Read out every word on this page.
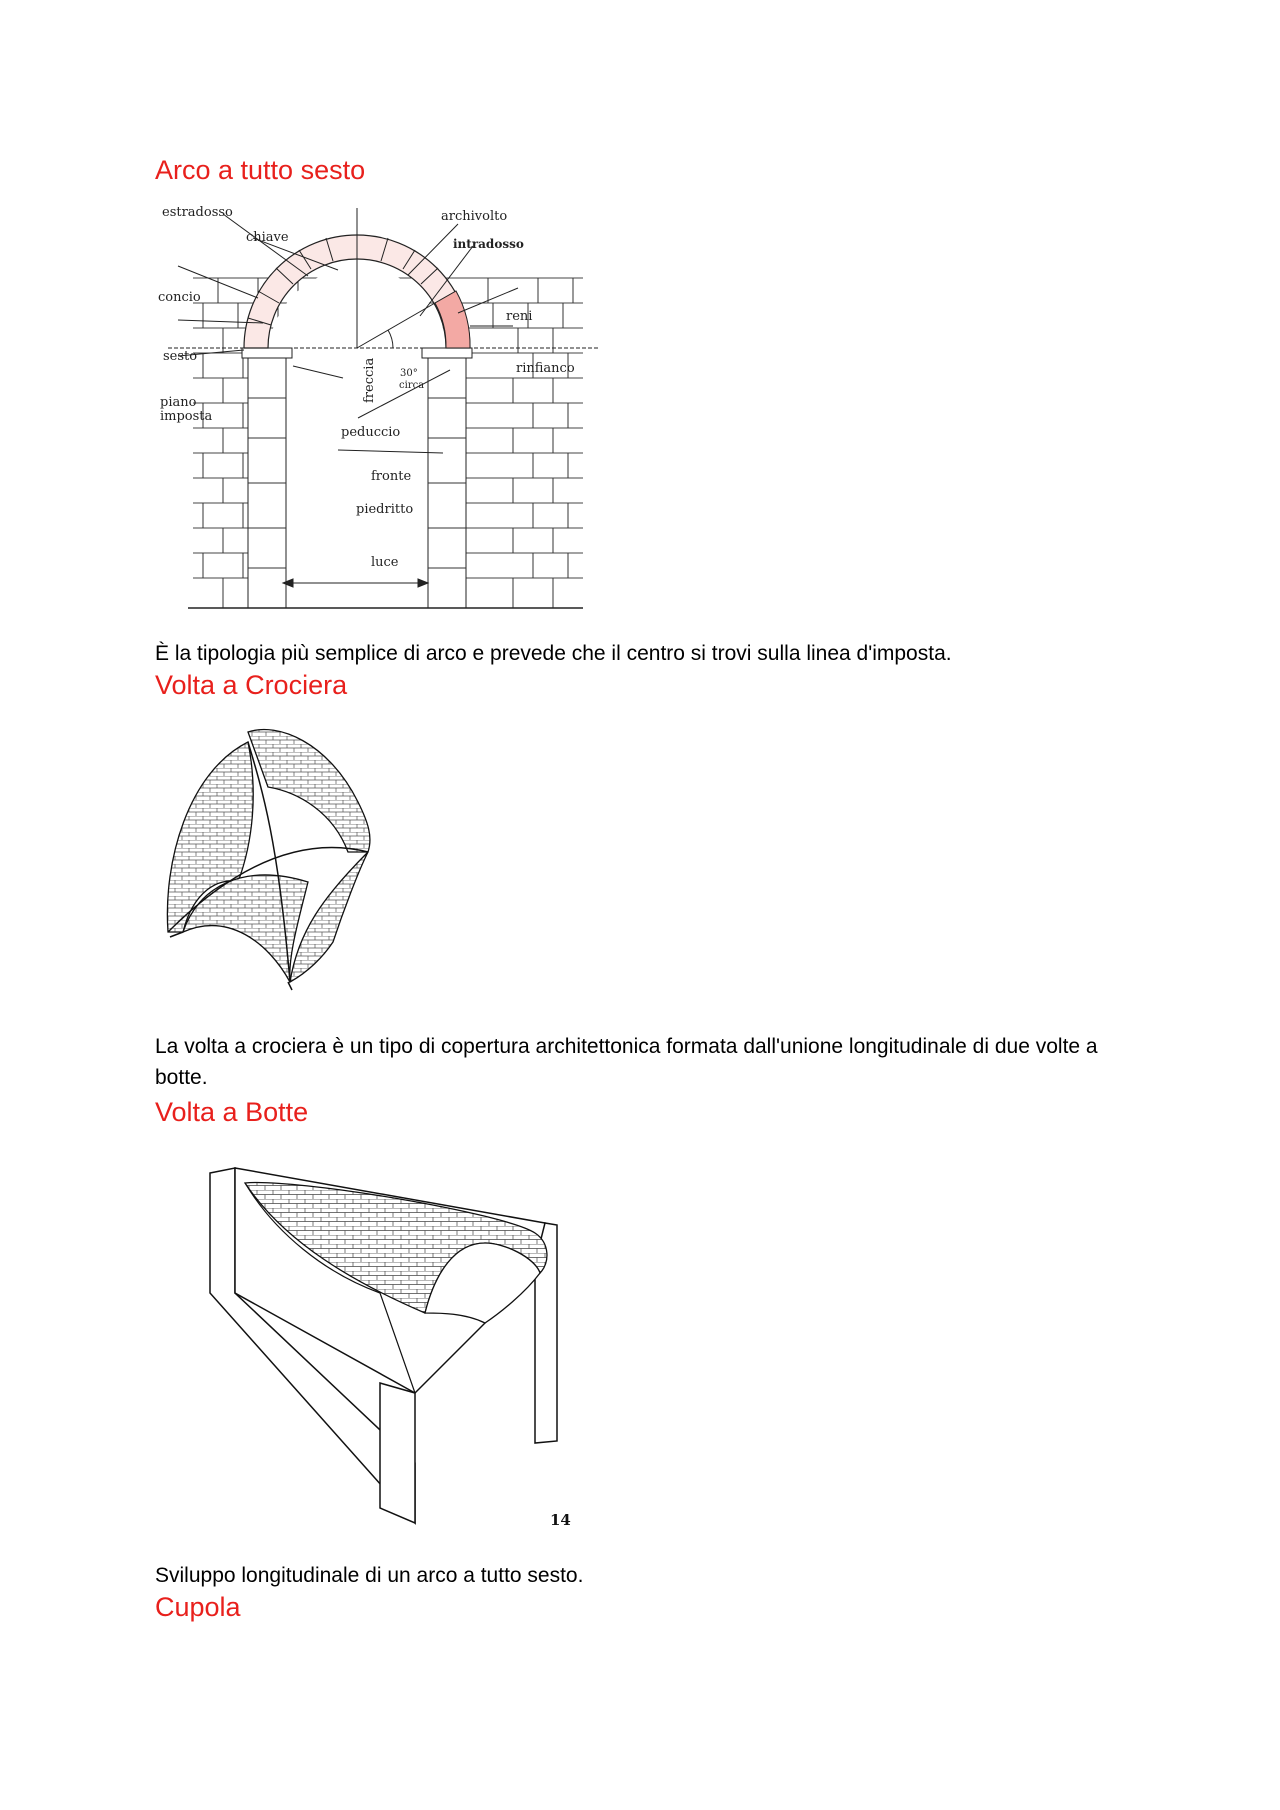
Arco a tutto sesto
estradosso
chiave
archivolto
intradosso
concio
reni
sesto
freccia 30°
circa
rinfianco
piano
imposta
peduccio
fronte
piedritto
luce

È la tipologia più semplice di arco e prevede che il centro si trovi sulla linea d'imposta.

Volta a Crociera

La volta a crociera è un tipo di copertura architettonica formata dall'unione longitudinale di due volte a botte.

Volta a Botte
14

Sviluppo longitudinale di un arco a tutto sesto.

Cupola
